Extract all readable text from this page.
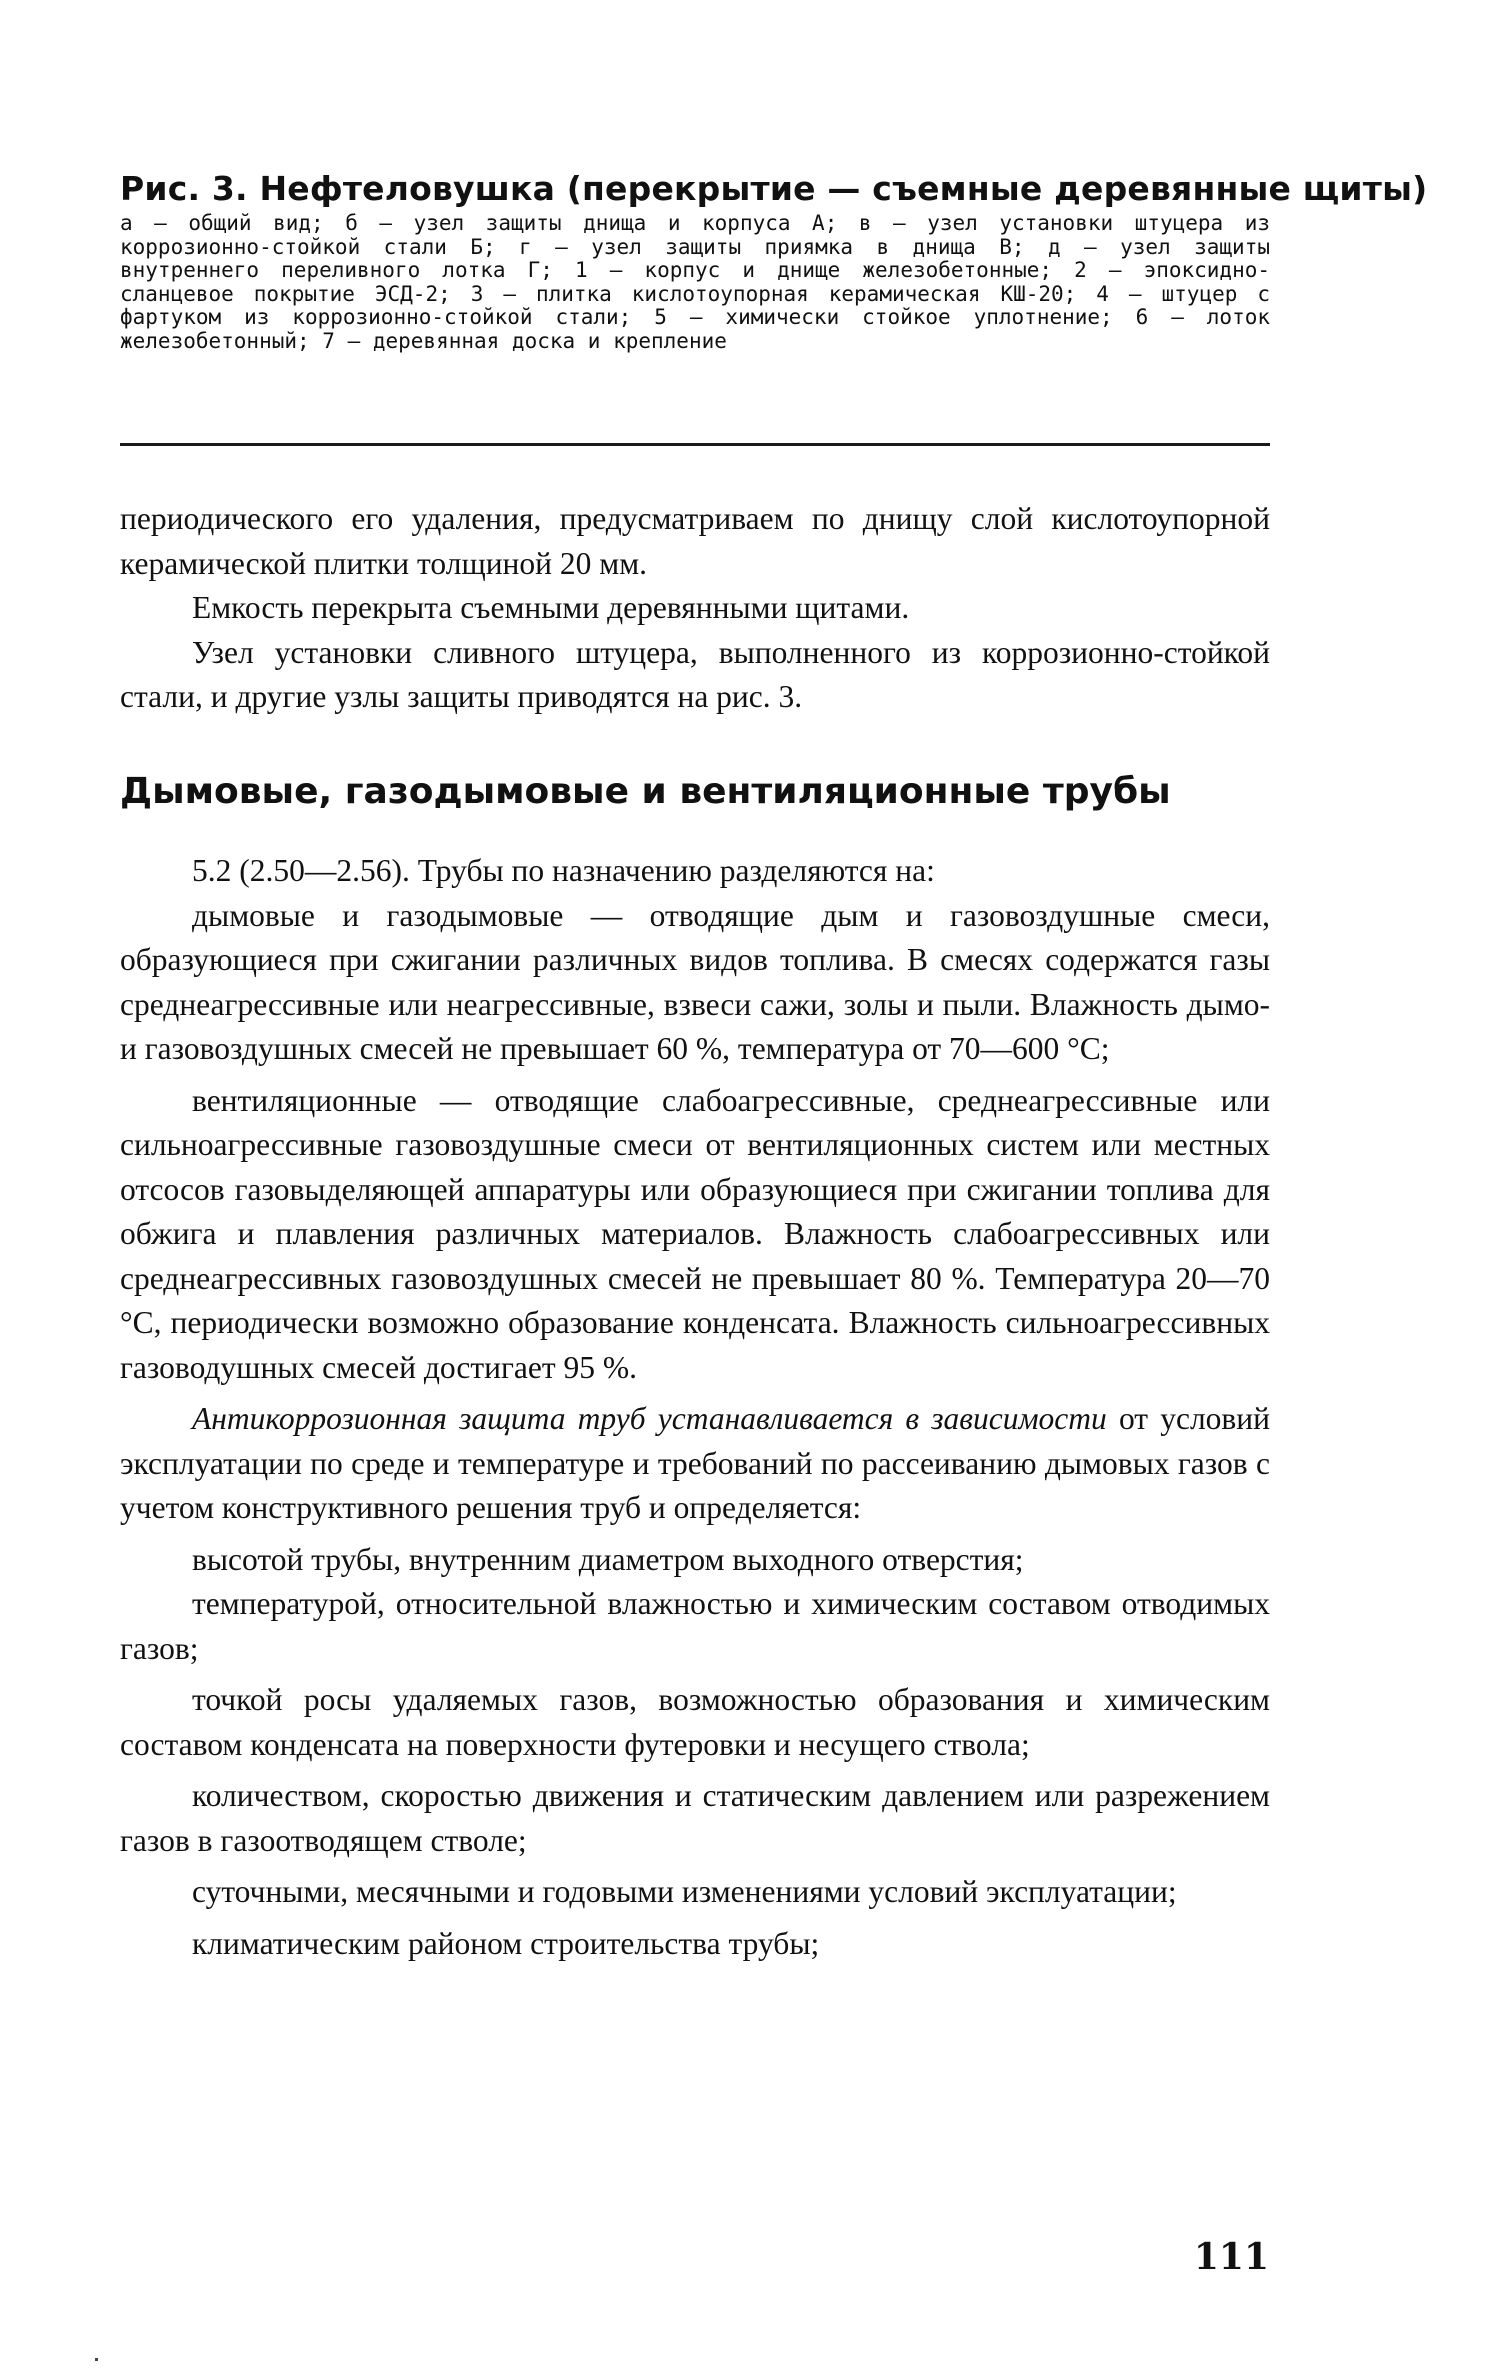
Рис. 3. Нефтеловушка (перекрытие — съемные деревянные щиты)

а — общий вид; б — узел защиты днища и корпуса А; в — узел установки штуцера из коррозионно-стойкой стали Б; г — узел защиты приямка в днища В; д — узел защиты внутреннего переливного лотка Г; 1 — корпус и днище железобетонные; 2 — эпоксидно-сланцевое покрытие ЭСД-2; 3 — плитка кислотоупорная керамическая КШ-20; 4 — штуцер с фартуком из коррозионно-стойкой стали; 5 — химически стойкое уплотнение; 6 — лоток железобетонный; 7 — деревянная доска и крепление

периодического его удаления, предусматриваем по днищу слой кислотоупорной керамической плитки толщиной 20 мм.

Емкость перекрыта съемными деревянными щитами.

Узел установки сливного штуцера, выполненного из коррозионно-стойкой стали, и другие узлы защиты приводятся на рис. 3.

Дымовые, газодымовые и вентиляционные трубы

5.2 (2.50—2.56). Трубы по назначению разделяются на:

дымовые и газодымовые — отводящие дым и газовоздушные смеси, образующиеся при сжигании различных видов топлива. В смесях содержатся газы среднеагрессивные или неагрессивные, взвеси сажи, золы и пыли. Влажность дымо- и газовоздушных смесей не превышает 60 %, температура от 70—600 °С;

вентиляционные — отводящие слабоагрессивные, среднеагрессивные или сильноагрессивные газовоздушные смеси от вентиляционных систем или местных отсосов газовыделяющей аппаратуры или образующиеся при сжигании топлива для обжига и плавления различных материалов. Влажность слабоагрессивных или среднеагрессивных газовоздушных смесей не превышает 80 %. Температура 20—70 °С, периодически возможно образование конденсата. Влажность сильноагрессивных газоводушных смесей достигает 95 %.

Антикоррозионная защита труб устанавливается в зависимости от условий эксплуатации по среде и температуре и требований по рассеиванию дымовых газов с учетом конструктивного решения труб и определяется:

высотой трубы, внутренним диаметром выходного отверстия;

температурой, относительной влажностью и химическим составом отводимых газов;

точкой росы удаляемых газов, возможностью образования и химическим составом конденсата на поверхности футеровки и несущего ствола;

количеством, скоростью движения и статическим давлением или разрежением газов в газоотводящем стволе;

суточными, месячными и годовыми изменениями условий эксплуатации;

климатическим районом строительства трубы;

111
